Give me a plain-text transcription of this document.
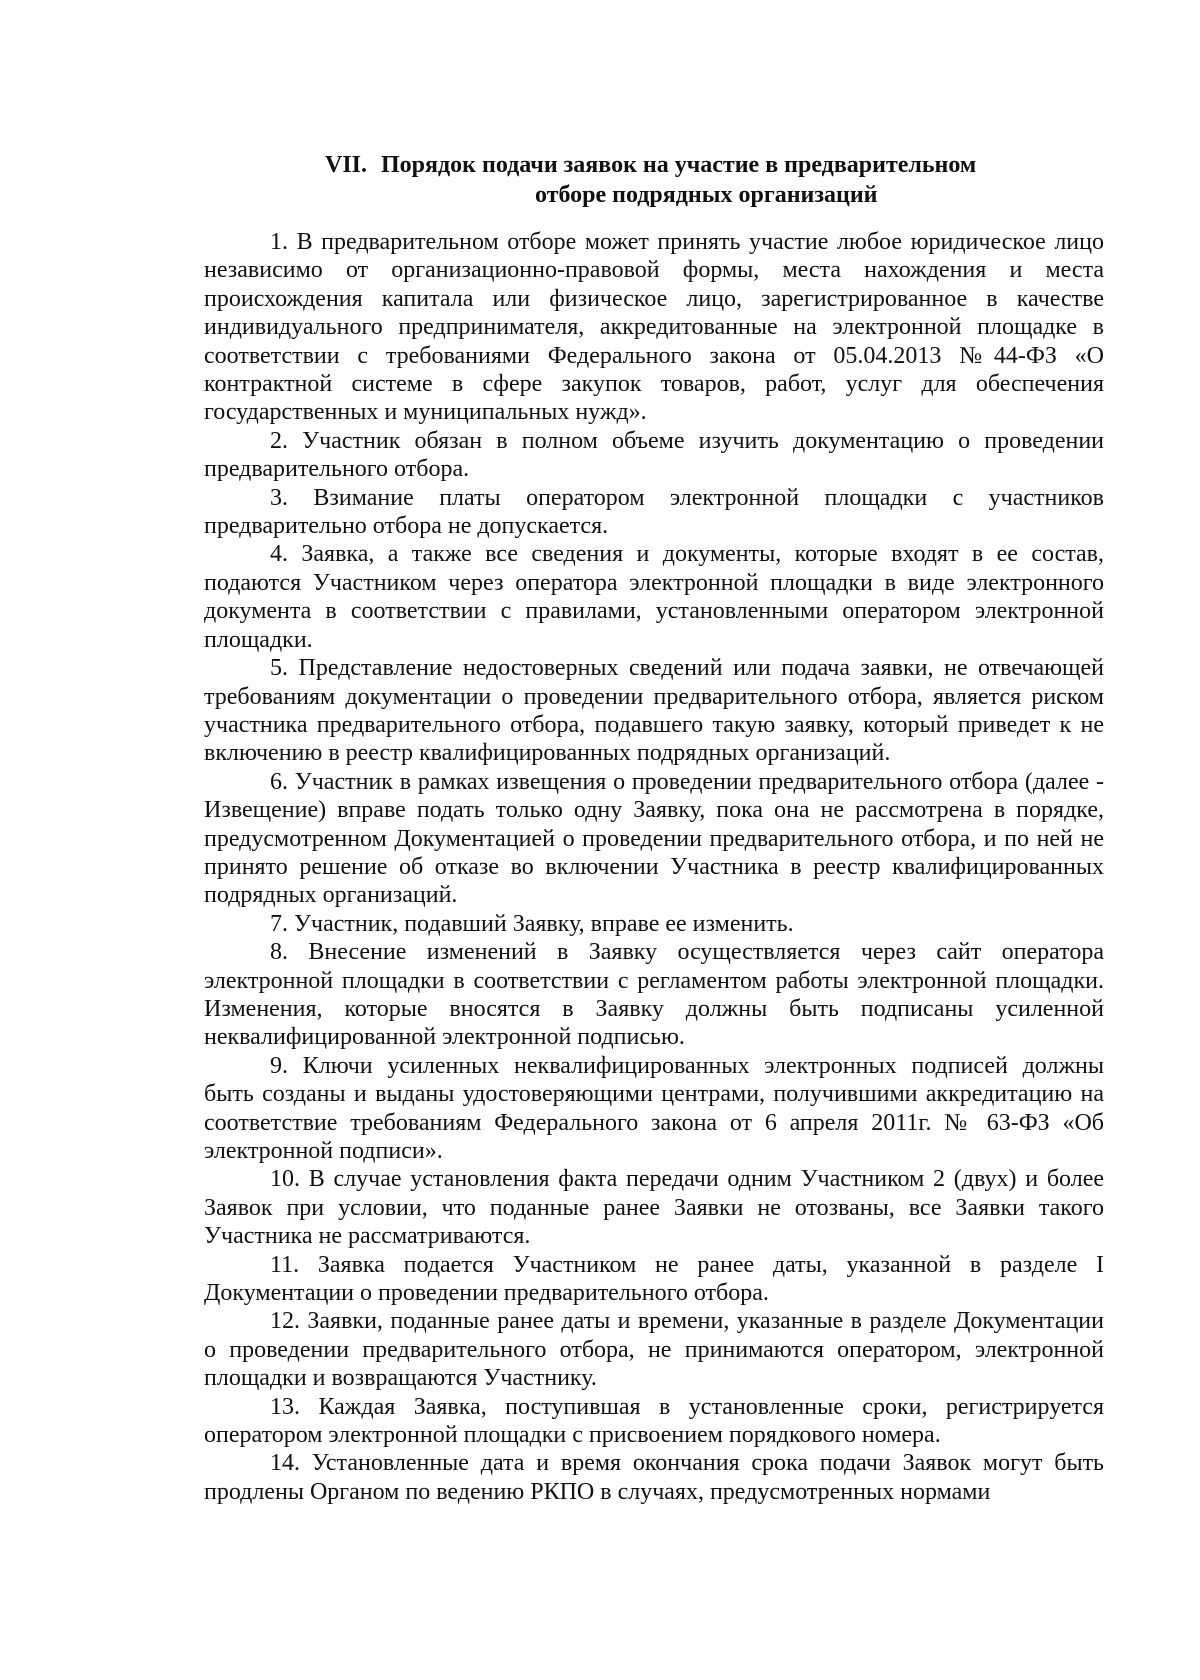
VII. Порядок подачи заявок на участие в предварительном
отборе подрядных организаций

1. В предварительном отборе может принять участие любое юридическое лицо независимо от организационно-правовой формы, места нахождения и места происхождения капитала или физическое лицо, зарегистрированное в качестве индивидуального предпринимателя, аккредитованные на электронной площадке в соответствии с требованиями Федерального закона от 05.04.2013 №44-ФЗ «О контрактной системе в сфере закупок товаров, работ, услуг для обеспечения государственных и муниципальных нужд».

2. Участник обязан в полном объеме изучить документацию о проведении предварительного отбора.

3. Взимание платы оператором электронной площадки с участников предварительно отбора не допускается.

4. Заявка, а также все сведения и документы, которые входят в ее состав, подаются Участником через оператора электронной площадки в виде электронного документа в соответствии с правилами, установленными оператором электронной площадки.

5. Представление недостоверных сведений или подача заявки, не отвечающей требованиям документации о проведении предварительного отбора, является риском участника предварительного отбора, подавшего такую заявку, который приведет к не включению в реестр квалифицированных подрядных организаций.

6. Участник в рамках извещения о проведении предварительного отбора (далее - Извещение) вправе подать только одну Заявку, пока она не рассмотрена в порядке, предусмотренном Документацией о проведении предварительного отбора, и по ней не принято решение об отказе во включении Участника в реестр квалифицированных подрядных организаций.

7. Участник, подавший Заявку, вправе ее изменить.

8. Внесение изменений в Заявку осуществляется через сайт оператора электронной площадки в соответствии с регламентом работы электронной площадки. Изменения, которые вносятся в Заявку должны быть подписаны усиленной неквалифицированной электронной подписью.

9. Ключи усиленных неквалифицированных электронных подписей должны быть созданы и выданы удостоверяющими центрами, получившими аккредитацию на соответствие требованиям Федерального закона от 6 апреля 2011г. № 63-ФЗ «Об электронной подписи».

10. В случае установления факта передачи одним Участником 2 (двух) и более Заявок при условии, что поданные ранее Заявки не отозваны, все Заявки такого Участника не рассматриваются.

11. Заявка подается Участником не ранее даты, указанной в разделе I Документации о проведении предварительного отбора.

12. Заявки, поданные ранее даты и времени, указанные в разделе Документации о проведении предварительного отбора, не принимаются оператором, электронной площадки и возвращаются Участнику.

13. Каждая Заявка, поступившая в установленные сроки, регистрируется оператором электронной площадки с присвоением порядкового номера.

14. Установленные дата и время окончания срока подачи Заявок могут быть продлены Органом по ведению РКПО в случаях, предусмотренных нормами
